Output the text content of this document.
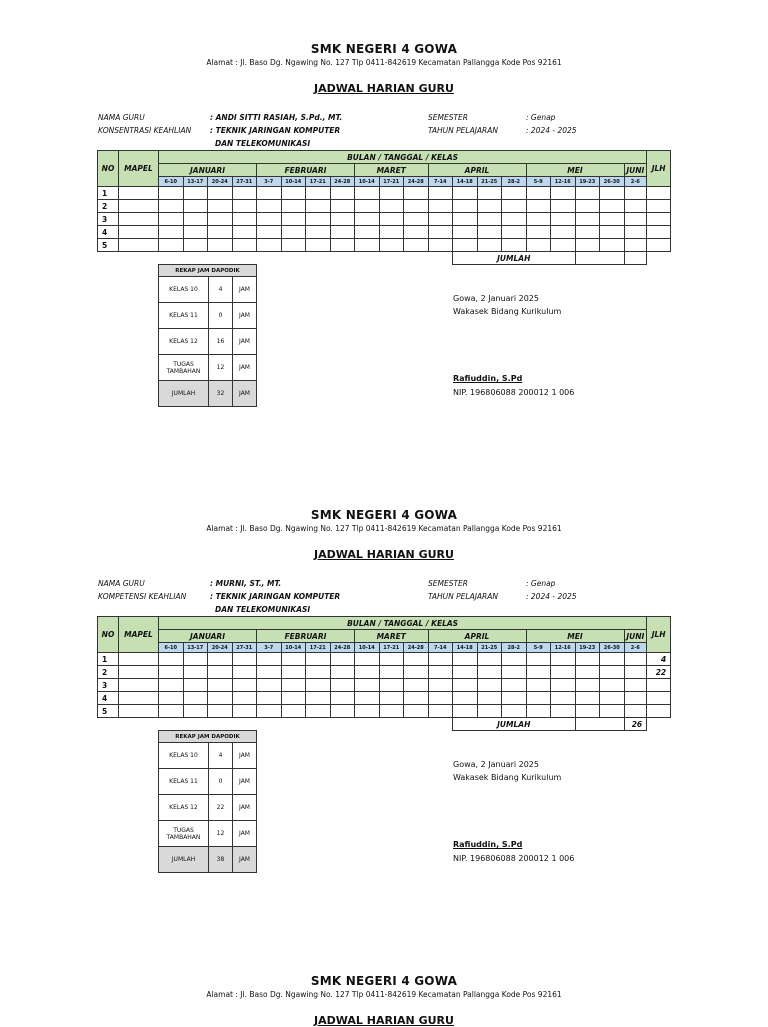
SMK NEGERI 4 GOWA
Alamat : Jl. Baso Dg. Ngawing No. 127 Tlp 0411-842619 Kecamatan Pallangga Kode Pos 92161
JADWAL HARIAN GURU
NAMA GURU	: ANDI SITTI RASIAH, S.Pd., MT.
KONSENTRASI KEAHLIAN	: TEKNIK JARINGAN KOMPUTER
DAN TELEKOMUNIKASI
SEMESTER	: Genap
TAHUN PELAJARAN	: 2024 - 2025
NO	MAPEL	BULAN / TANGGAL / KELAS																				JLH
		JANUARI				FEBRUARI				MARET			APRIL				MEI				JUNI	
		6-10	13-17	20-24	27-31	3-7	10-14	17-21	24-28	10-14	17-21	24-28	7-14	14-18	21-25	28-2	5-9	12-16	19-23	26-30	2-6	
1																						
2																						
3																						
4																						
5																						
														JUMLAH								
REKAP JAM DAPODIK		
KELAS 10	4	JAM
KELAS 11	0	JAM
KELAS 12	16	JAM

TUGAS
TAMBAHAN	12	JAM
JUMLAH	32	JAM
Gowa, 2 Januari 2025
Wakasek Bidang Kurikulum
Rafiuddin, S.Pd
NIP. 196806088 200012 1 006
SMK NEGERI 4 GOWA
Alamat : Jl. Baso Dg. Ngawing No. 127 Tlp 0411-842619 Kecamatan Pallangga Kode Pos 92161
JADWAL HARIAN GURU
NAMA GURU	: MURNI, ST., MT.
KOMPETENSI KEAHLIAN	: TEKNIK JARINGAN KOMPUTER
DAN TELEKOMUNIKASI
SEMESTER	: Genap
TAHUN PELAJARAN	: 2024 - 2025
NO	MAPEL	BULAN / TANGGAL / KELAS																				JLH
		JANUARI				FEBRUARI				MARET			APRIL				MEI				JUNI	
		6-10	13-17	20-24	27-31	3-7	10-14	17-21	24-28	10-14	17-21	24-28	7-14	14-18	21-25	28-2	5-9	12-16	19-23	26-30	2-6	
1																						4
2																						22
3																						
4																						
5																						
														JUMLAH							26	
REKAP JAM DAPODIK		
KELAS 10	4	JAM
KELAS 11	0	JAM
KELAS 12	22	JAM

TUGAS
TAMBAHAN	12	JAM
JUMLAH	38	JAM
Gowa, 2 Januari 2025
Wakasek Bidang Kurikulum
Rafiuddin, S.Pd
NIP. 196806088 200012 1 006
SMK NEGERI 4 GOWA
Alamat : Jl. Baso Dg. Ngawing No. 127 Tlp 0411-842619 Kecamatan Pallangga Kode Pos 92161
JADWAL HARIAN GURU
